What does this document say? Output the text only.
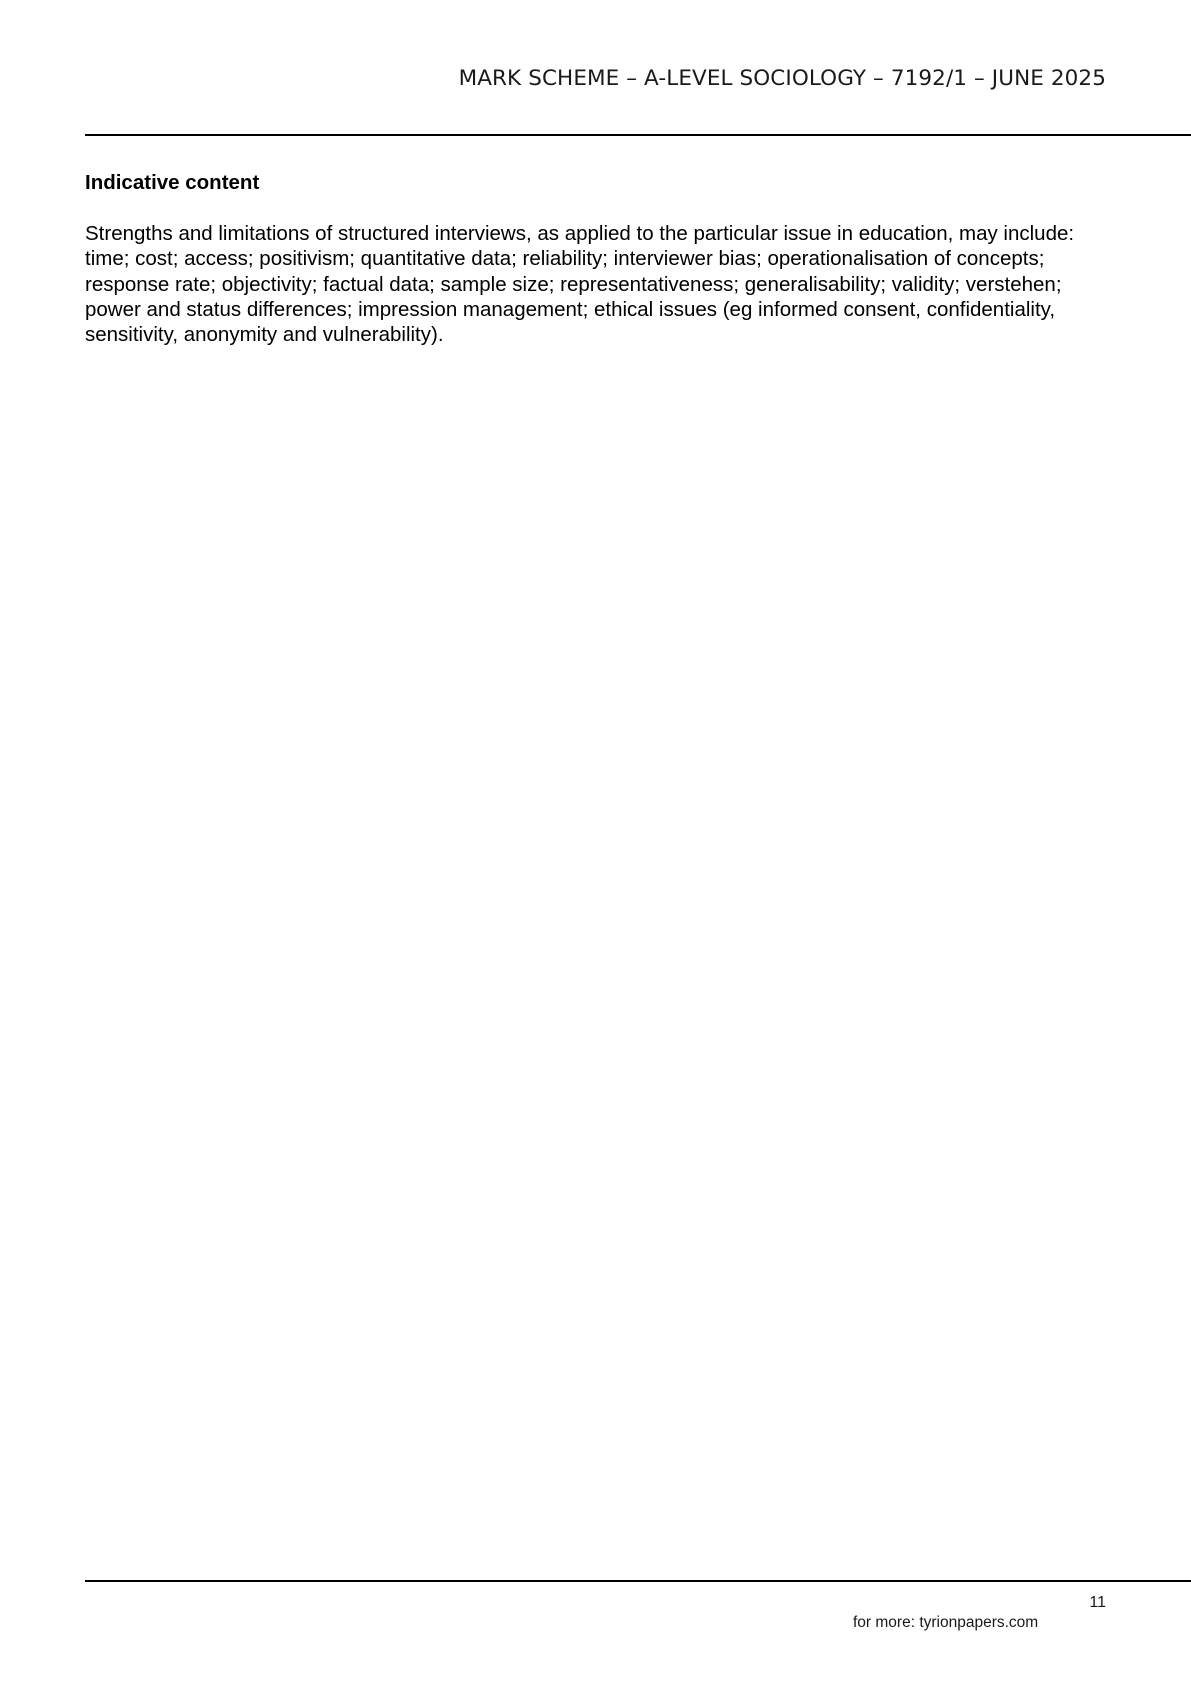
MARK SCHEME – A-LEVEL SOCIOLOGY – 7192/1 – JUNE 2025
Indicative content

Strengths and limitations of structured interviews, as applied to the particular issue in education, may include: time; cost; access; positivism; quantitative data; reliability; interviewer bias; operationalisation of concepts; response rate; objectivity; factual data; sample size; representativeness; generalisability; validity; verstehen; power and status differences; impression management; ethical issues (eg informed consent, confidentiality, sensitivity, anonymity and vulnerability).

11
for more: tyrionpapers.com
